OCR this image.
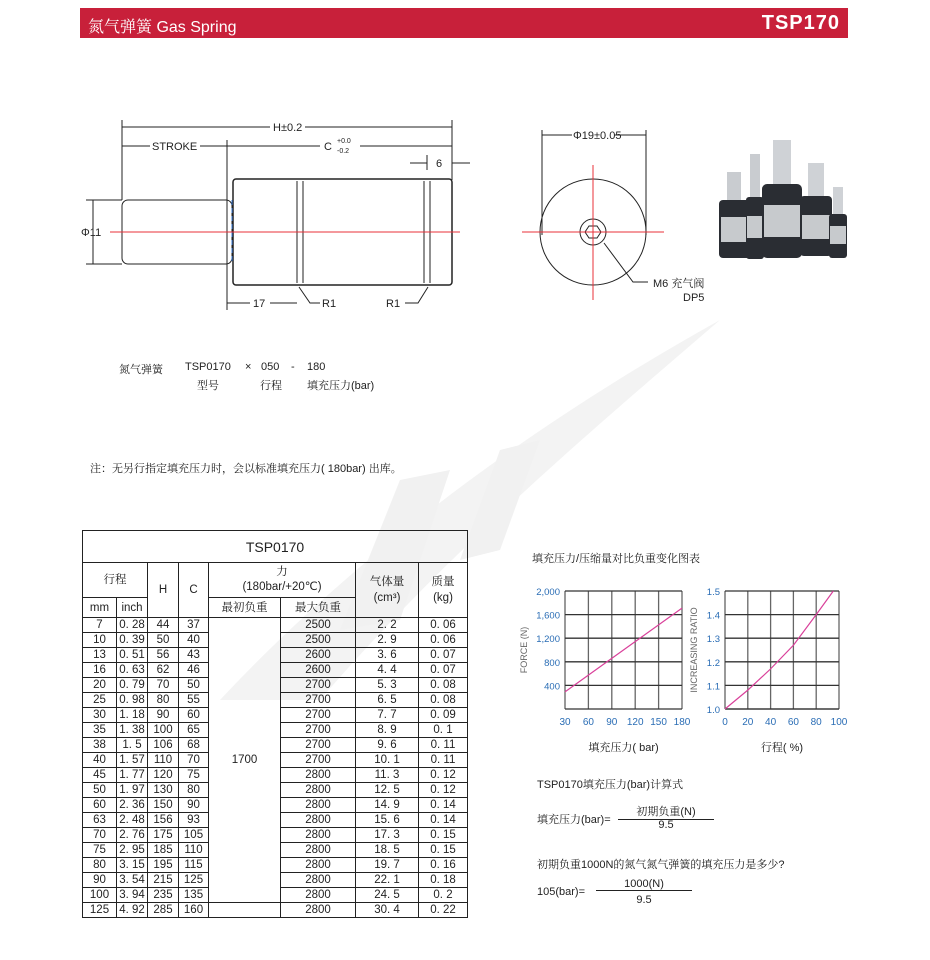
氮气弹簧 Gas Spring	TSP170
H±0.2
STROKE	C +0.0
-0.2
6
Φ11
17	R1	R1
Φ19±0.05
M6 充气阀
DP5
氮气弹簧 TSP0170 × 050 - 180
型号	行程 填充压力(bar)
注：无另行指定填充压力时，会以标准填充压力( 180bar) 出库。
TSP0170							
行程		H	C	力
(180bar/+20℃)		气体量
(cm³)	质量
(kg)
mm	inch			最初负重	最大负重		
7	0. 28	44	37	1700	2500	2. 2	0. 06
10	0. 39	50	40		2500	2. 9	0. 06
13	0. 51	56	43		2600	3. 6	0. 07
16	0. 63	62	46		2600	4. 4	0. 07
20	0. 79	70	50		2700	5. 3	0. 08
25	0. 98	80	55		2700	6. 5	0. 08
30	1. 18	90	60		2700	7. 7	0. 09
35	1. 38	100	65		2700	8. 9	0. 1
38	1. 5	106	68		2700	9. 6	0. 11
40	1. 57	110	70		2700	10. 1	0. 11
45	1. 77	120	75		2800	11. 3	0. 12
50	1. 97	130	80		2800	12. 5	0. 12
60	2. 36	150	90		2800	14. 9	0. 14
63	2. 48	156	93		2800	15. 6	0. 14
70	2. 76	175	105		2800	17. 3	0. 15
75	2. 95	185	110		2800	18. 5	0. 15
80	3. 15	195	115		2800	19. 7	0. 16
90	3. 54	215	125		2800	22. 1	0. 18
100	3. 94	235	135		2800	24. 5	0. 2
125	4. 92	285	160		2800	30. 4	0. 22
填充压力/压缩量对比负重变化图表
30 60 90 120 150 180
400
800
1,200
1,600
2,000
填充压力( bar)
FORCE (N)
0 20 40 60 80 100
1.0
1.1
1.2
1.3
1.4
1.5
行程( %)
INCREASING RATIO
TSP0170填充压力(bar)计算式
填充压力(bar)=
初期负重(N)
9.5
初期负重1000N的氮气氮气弹簧的填充压力是多少?
105(bar)=
1000(N)
9.5
